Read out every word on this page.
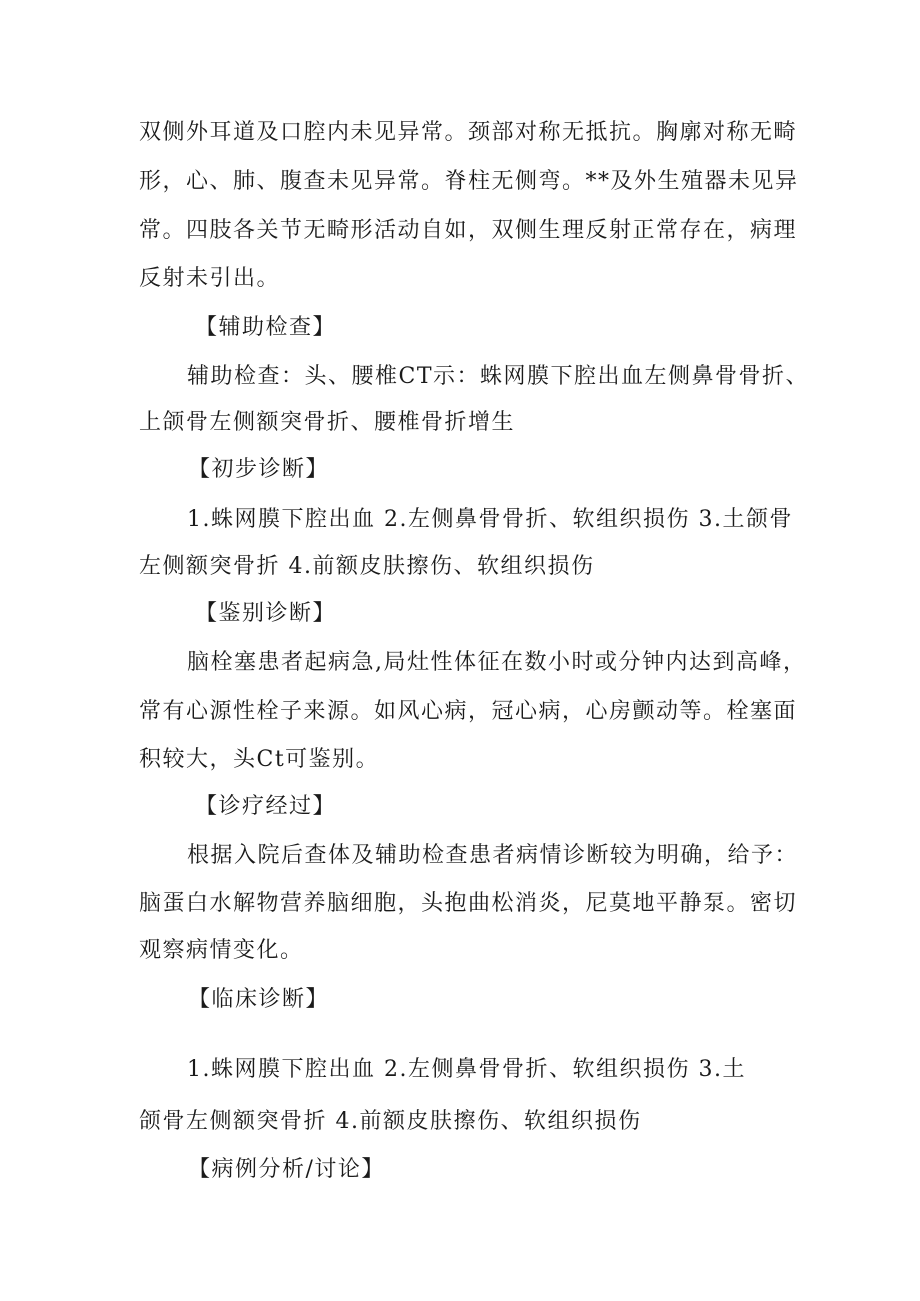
双侧外耳道及口腔内未见异常。颈部对称无抵抗。胸廓对称无畸
形，心、肺、腹查未见异常。脊柱无侧弯。**及外生殖器未见异
常。四肢各关节无畸形活动自如，双侧生理反射正常存在，病理
反射未引出。
【辅助检查】
辅助检查：头、腰椎CT示：蛛网膜下腔出血左侧鼻骨骨折、
上颌骨左侧额突骨折、腰椎骨折增生
【初步诊断】
1.蛛网膜下腔出血 2.左侧鼻骨骨折、软组织损伤 3.土颌骨
左侧额突骨折 4.前额皮肤擦伤、软组织损伤
【鉴别诊断】
脑栓塞患者起病急,局灶性体征在数小时或分钟内达到高峰，
常有心源性栓子来源。如风心病，冠心病，心房颤动等。栓塞面
积较大，头Ct可鉴别。
【诊疗经过】
根据入院后查体及辅助检查患者病情诊断较为明确，给予：
脑蛋白水解物营养脑细胞，头抱曲松消炎，尼莫地平静泵。密切
观察病情变化。
【临床诊断】
1.蛛网膜下腔出血 2.左侧鼻骨骨折、软组织损伤 3.土
颌骨左侧额突骨折 4.前额皮肤擦伤、软组织损伤
【病例分析/讨论】
